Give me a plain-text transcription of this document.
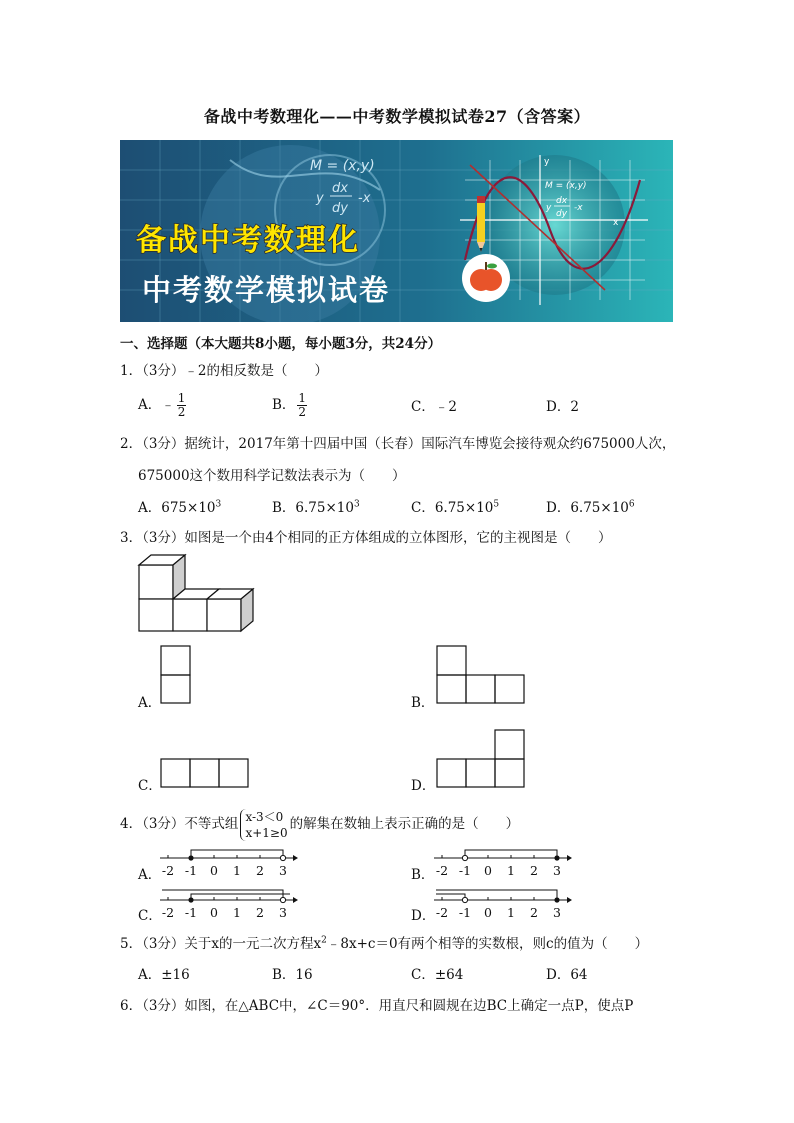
备战中考数理化——中考数学模拟试卷27（含答案）
M = (x,y)
y
dx
dy
-x
x
y
M = (x,y)
y
dx
dy
-x
备战中考数理化
中考数学模拟试卷
一、选择题（本大题共8小题，每小题3分，共24分）
1．（3分）﹣2的相反数是（　　）
A．﹣ $\frac{1}{2}$	B． $\frac{1}{2}$	C．﹣2	D．2
2．（3分）据统计，2017年第十四届中国（长春）国际汽车博览会接待观众约675000人次，
675000这个数用科学记数法表示为（　　）
A．$675\times 10^3$	B．$6.75\times 10^3$	C．$6.75\times 10^5$	D．$6.75\times 10^6$
3．（3分）如图是一个由4个相同的正方体组成的立体图形，它的主视图是（　　）
A．	B．
C．	D．
4．（3分）不等式组 x-3＜0
x+1≥0
的解集在数轴上表示正确的是（　　）
A． -2 -1 0 1 2 3	B． -2 -1 0 1 2 3
C． -2 -1 0 1 2 3	D． -2 -1 0 1 2 3
5．（3分）关于x的一元二次方程$x^2﹣8x+c=0$有两个相等的实数根，则c的值为（　　）
A．±16	B．16	C．±64	D．64
6．（3分）如图，在△ABC中，∠C＝90°．用直尺和圆规在边BC上确定一点P，使点P
